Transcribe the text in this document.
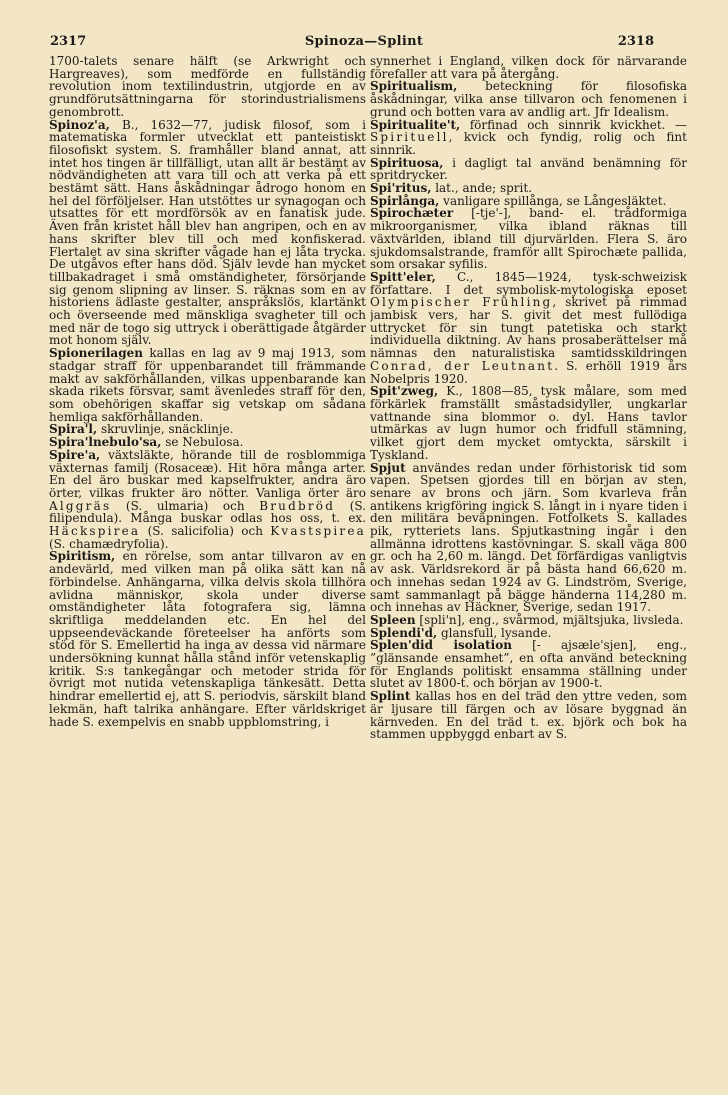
2317	Spinoza—Splint	2318

1700-talets senare hälft (se Arkwright och Hargreaves), som medförde en fullständig revolution inom textilindustrin, utgjorde en av grundförutsättningarna för storindustrialismens genombrott.

Spinoz'a, B., 1632—77, judisk filosof, som i matematiska formler utvecklat ett panteistiskt filosofiskt system. S. framhåller bland annat, att intet hos tingen är tillfälligt, utan allt är bestämt av nödvändigheten att vara till och att verka på ett bestämt sätt. Hans åskådningar ådrogo honom en hel del förföljelser. Han utstöttes ur synagogan och utsattes för ett mordförsök av en fanatisk jude. Även från kristet håll blev han angripen, och en av hans skrifter blev till och med konfiskerad. Flertalet av sina skrifter vågade han ej låta trycka. De utgåvos efter hans död. Själv levde han mycket tillbakadraget i små omständigheter, försörjande sig genom slipning av linser. S. räknas som en av historiens ädlaste gestalter, anspråkslös, klartänkt och överseende med mänskliga svagheter till och med när de togo sig uttryck i oberättigade åtgärder mot honom själv.

Spionerilagen kallas en lag av 9 maj 1913, som stadgar straff för uppenbarandet till främmande makt av sakförhållanden, vilkas uppenbarande kan skada rikets försvar, samt ävenledes straff för den, som obehörigen skaffar sig vetskap om sådana hemliga sakförhållanden.

Spira'l, skruvlinje, snäcklinje.

Spira'lnebulo'sa, se Nebulosa.

Spire'a, växtsläkte, hörande till de rosblommiga växternas familj (Rosaceæ). Hit höra många arter. En del äro buskar med kapselfrukter, andra äro örter, vilkas frukter äro nötter. Vanliga örter äro Alggräs (S. ulmaria) och Brudbröd (S. filipendula). Många buskar odlas hos oss, t. ex. Häckspirea (S. salicifolia) och Kvastspirea (S. chamædryfolia).

Spiritism, en rörelse, som antar tillvaron av en andevärld, med vilken man på olika sätt kan nå förbindelse. Anhängarna, vilka delvis skola tillhöra avlidna människor, skola under diverse omständigheter låta fotografera sig, lämna skriftliga meddelanden etc. En hel del uppseendeväckande företeelser ha anförts som stöd för S. Emellertid ha inga av dessa vid närmare undersökning kunnat hålla stånd inför vetenskaplig kritik. S:s tankegångar och metoder strida för övrigt mot nutida vetenskapliga tänkesätt. Detta hindrar emellertid ej, att S. periodvis, särskilt bland lekmän, haft talrika anhängare. Efter världskriget hade S. exempelvis en snabb uppblomstring, i

synnerhet i England, vilken dock för närvarande förefaller att vara på återgång.

Spiritualism, beteckning för filosofiska åskådningar, vilka anse tillvaron och fenomenen i grund och botten vara av andlig art. Jfr Idealism.

Spiritualite't, förfinad och sinnrik kvickhet. — Spirituell, kvick och fyndig, rolig och fint sinnrik.

Spirituosa, i dagligt tal använd benämning för spritdrycker.

Spi'ritus, lat., ande; sprit.

Spirlånga, vanligare spillånga, se Långesläktet.

Spirochæter [-tje'-], band- el. trådformiga mikroorganismer, vilka ibland räknas till växtvärlden, ibland till djurvärlden. Flera S. äro sjukdomsalstrande, framför allt Spirochæte pallida, som orsakar syfilis.

Spitt'eler, C., 1845—1924, tysk-schweizisk författare. I det symbolisk-mytologiska eposet Olympischer Frühling, skrivet på rimmad jambisk vers, har S. givit det mest fullödiga uttrycket för sin tungt patetiska och starkt individuella diktning. Av hans prosaberättelser må nämnas den naturalistiska samtidsskildringen Conrad, der Leutnant. S. erhöll 1919 års Nobelpris 1920.

Spit'zweg, K., 1808—85, tysk målare, som med förkärlek framställt småstadsidyller, ungkarlar vattnande sina blommor o. dyl. Hans tavlor utmärkas av lugn humor och fridfull stämning, vilket gjort dem mycket omtyckta, särskilt i Tyskland.

Spjut användes redan under förhistorisk tid som vapen. Spetsen gjordes till en början av sten, senare av brons och järn. Som kvarleva från antikens krigföring ingick S. långt in i nyare tiden i den militära beväpningen. Fotfolkets S. kallades pik, rytteriets lans. Spjutkastning ingår i den allmänna idrottens kastövningar. S. skall väga 800 gr. och ha 2,60 m. längd. Det förfärdigas vanligtvis av ask. Världsrekord är på bästa hand 66,620 m. och innehas sedan 1924 av G. Lindström, Sverige, samt sammanlagt på bägge händerna 114,280 m. och innehas av Häckner, Sverige, sedan 1917.

Spleen [spli'n], eng., svårmod, mjältsjuka, livsleda.

Splendi'd, glansfull, lysande.

Splen'did isolation [- ajsæle'sjen], eng., ”glänsande ensamhet”, en ofta använd beteckning för Englands politiskt ensamma ställning under slutet av 1800-t. och början av 1900-t.

Splint kallas hos en del träd den yttre veden, som är ljusare till färgen och av lösare byggnad än kärnveden. En del träd t. ex. björk och bok ha stammen uppbyggd enbart av S.
